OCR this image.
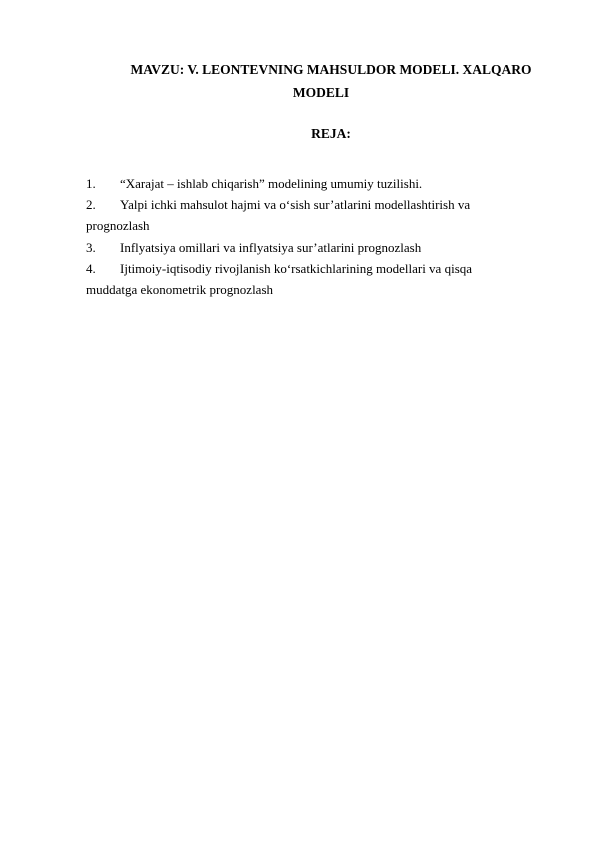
MAVZU: V. LEONTEVNING MAHSULDOR MODELI. XALQARO MODELI
REJA:
1. “Xarajat – ishlab chiqarish” modelining umumiy tuzilishi.
2. Yalpi ichki mahsulot hajmi va o‘sish sur’atlarini modellashtirish va prognozlash
3. Inflyatsiya omillari va inflyatsiya sur’atlarini prognozlash
4. Ijtimoiy-iqtisodiy rivojlanish ko‘rsatkichlarining modellari va qisqa muddatga ekonometrik prognozlash
